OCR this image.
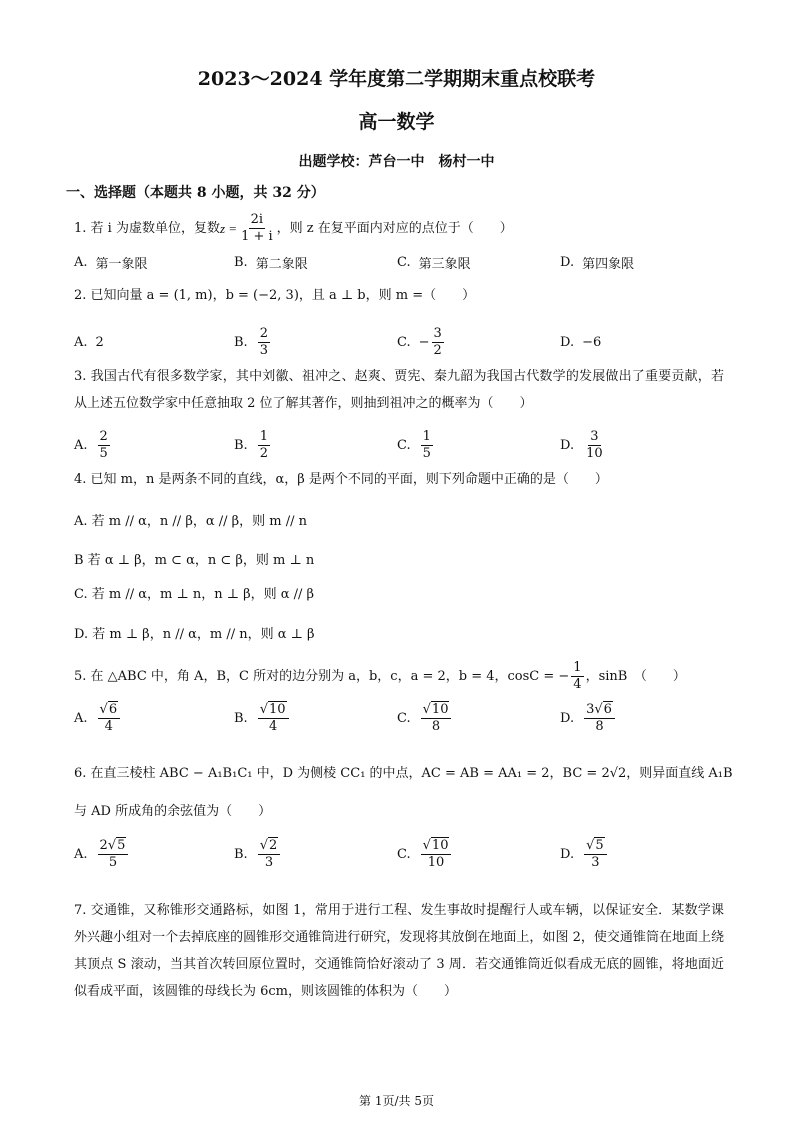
2023～2024 学年度第二学期期末重点校联考
高一数学
出题学校：芦台一中　杨村一中
一、选择题（本题共 8 小题，共 32 分）
1. 若 i 为虚数单位，复数 $z = \frac{2i}{1 + i}$ ，则 z 在复平面内对应的点位于（　　）
A. 第一象限	B. 第二象限	C. 第三象限	D. 第四象限
2. 已知向量 a = (1, m)，b = (−2, 3)，且 a ⊥ b，则 m =（　　）
A. 2	B. $\frac{2}{3}$	C. − $\frac{3}{2}$	D. −6
3. 我国古代有很多数学家，其中刘徽、祖冲之、赵爽、贾宪、秦九韶为我国古代数学的发展做出了重要贡献，若从上述五位数学家中任意抽取 2 位了解其著作，则抽到祖冲之的概率为（　　）
A. $\frac{2}{5}$	B. $\frac{1}{2}$	C. $\frac{1}{5}$	D. $\frac{3}{10}$
4. 已知 m，n 是两条不同的直线，α，β 是两个不同的平面，则下列命题中正确的是（　　）
A. 若 m // α，n // β，α // β，则 m // n
B 若 α ⊥ β，m ⊂ α，n ⊂ β，则 m ⊥ n
C. 若 m // α，m ⊥ n，n ⊥ β，则 α // β
D. 若 m ⊥ β，n // α，m // n，则 α ⊥ β
5. 在 △ABC 中，角 A，B，C 所对的边分别为 a，b，c，a = 2，b = 4，cosC = − $\frac{1}{4}$ ，sinB　（　　）
A. $\frac{√6}{4}$	B. $\frac{√10}{4}$	C. $\frac{√10}{8}$	D. $\frac{3√6}{8}$
6. 在直三棱柱 ABC − A₁B₁C₁ 中，D 为侧棱 CC₁ 的中点，AC = AB = AA₁ = 2，BC = 2√2，则异面直线 A₁B
与 AD 所成角的余弦值为（　　）
A. $\frac{2√5}{5}$	B. $\frac{√2}{3}$	C. $\frac{√10}{10}$	D. $\frac{√5}{3}$
7. 交通锥，又称锥形交通路标，如图 1，常用于进行工程、发生事故时提醒行人或车辆，以保证安全．某数学课外兴趣小组对一个去掉底座的圆锥形交通锥筒进行研究，发现将其放倒在地面上，如图 2，使交通锥筒在地面上绕其顶点 S 滚动，当其首次转回原位置时，交通锥筒恰好滚动了 3 周．若交通锥筒近似看成无底的圆锥，将地面近似看成平面，该圆锥的母线长为 6cm，则该圆锥的体积为（　　）
第 1页/共 5页
